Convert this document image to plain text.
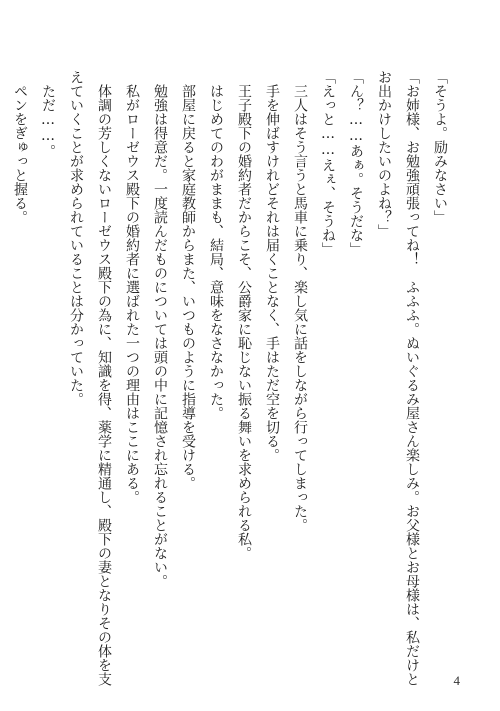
「そうよ。励みなさい」
「お姉様、お勉強頑張ってね！　ふふふ。ぬいぐるみ屋さん楽しみ。お父様とお母様は、私だけと
お出かけしたいのよね？」
「ん？……あぁ。そうだな」
「えっと……えぇ、そうね」
三人はそう言うと馬車に乗り、楽し気に話をしながら行ってしまった。
手を伸ばすけれどそれは届くことなく、手はただ空を切る。
王子殿下の婚約者だからこそ、公爵家に恥じない振る舞いを求められる私。
はじめてのわがままも、結局、意味をなさなかった。
部屋に戻ると家庭教師からまた、いつものように指導を受ける。
勉強は得意だ。一度読んだものについては頭の中に記憶され忘れることがない。
私がローゼウス殿下の婚約者に選ばれた一つの理由はここにある。
体調の芳しくないローゼウス殿下の為に、知識を得、薬学に精通し、殿下の妻となりその体を支
えていくことが求められていることは分かっていた。
ただ……。
ペンをぎゅっと握る。
4
